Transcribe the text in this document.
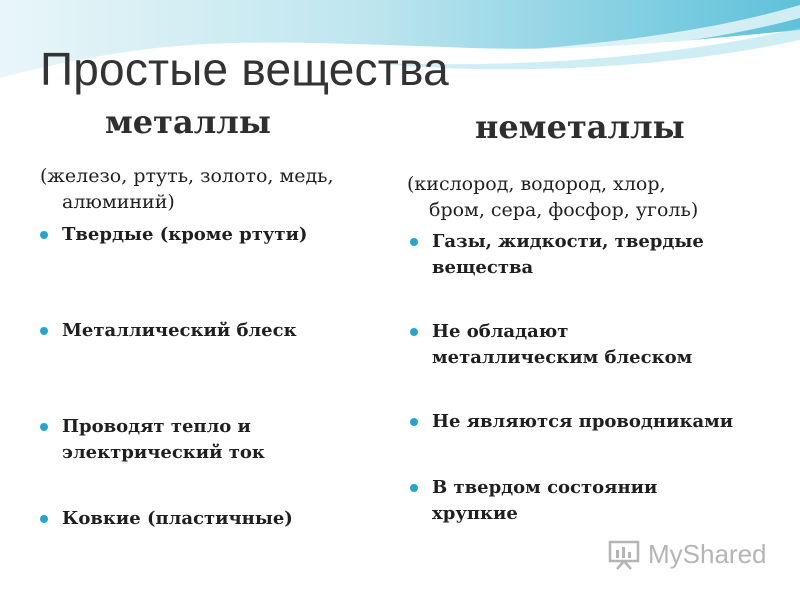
Простые вещества
металлы	неметаллы
(железо, ртуть, золото, медь,
алюминий)
(кислород, водород, хлор,
бром, сера, фосфор, уголь)
Твердые (кроме ртути)
Металлический блеск
Проводят тепло и электрический ток
Ковкие (пластичные)
Газы, жидкости, твердые вещества
Не обладают металлическим блеском
Не являются проводниками
В твердом состоянии хрупкие
MyShared
